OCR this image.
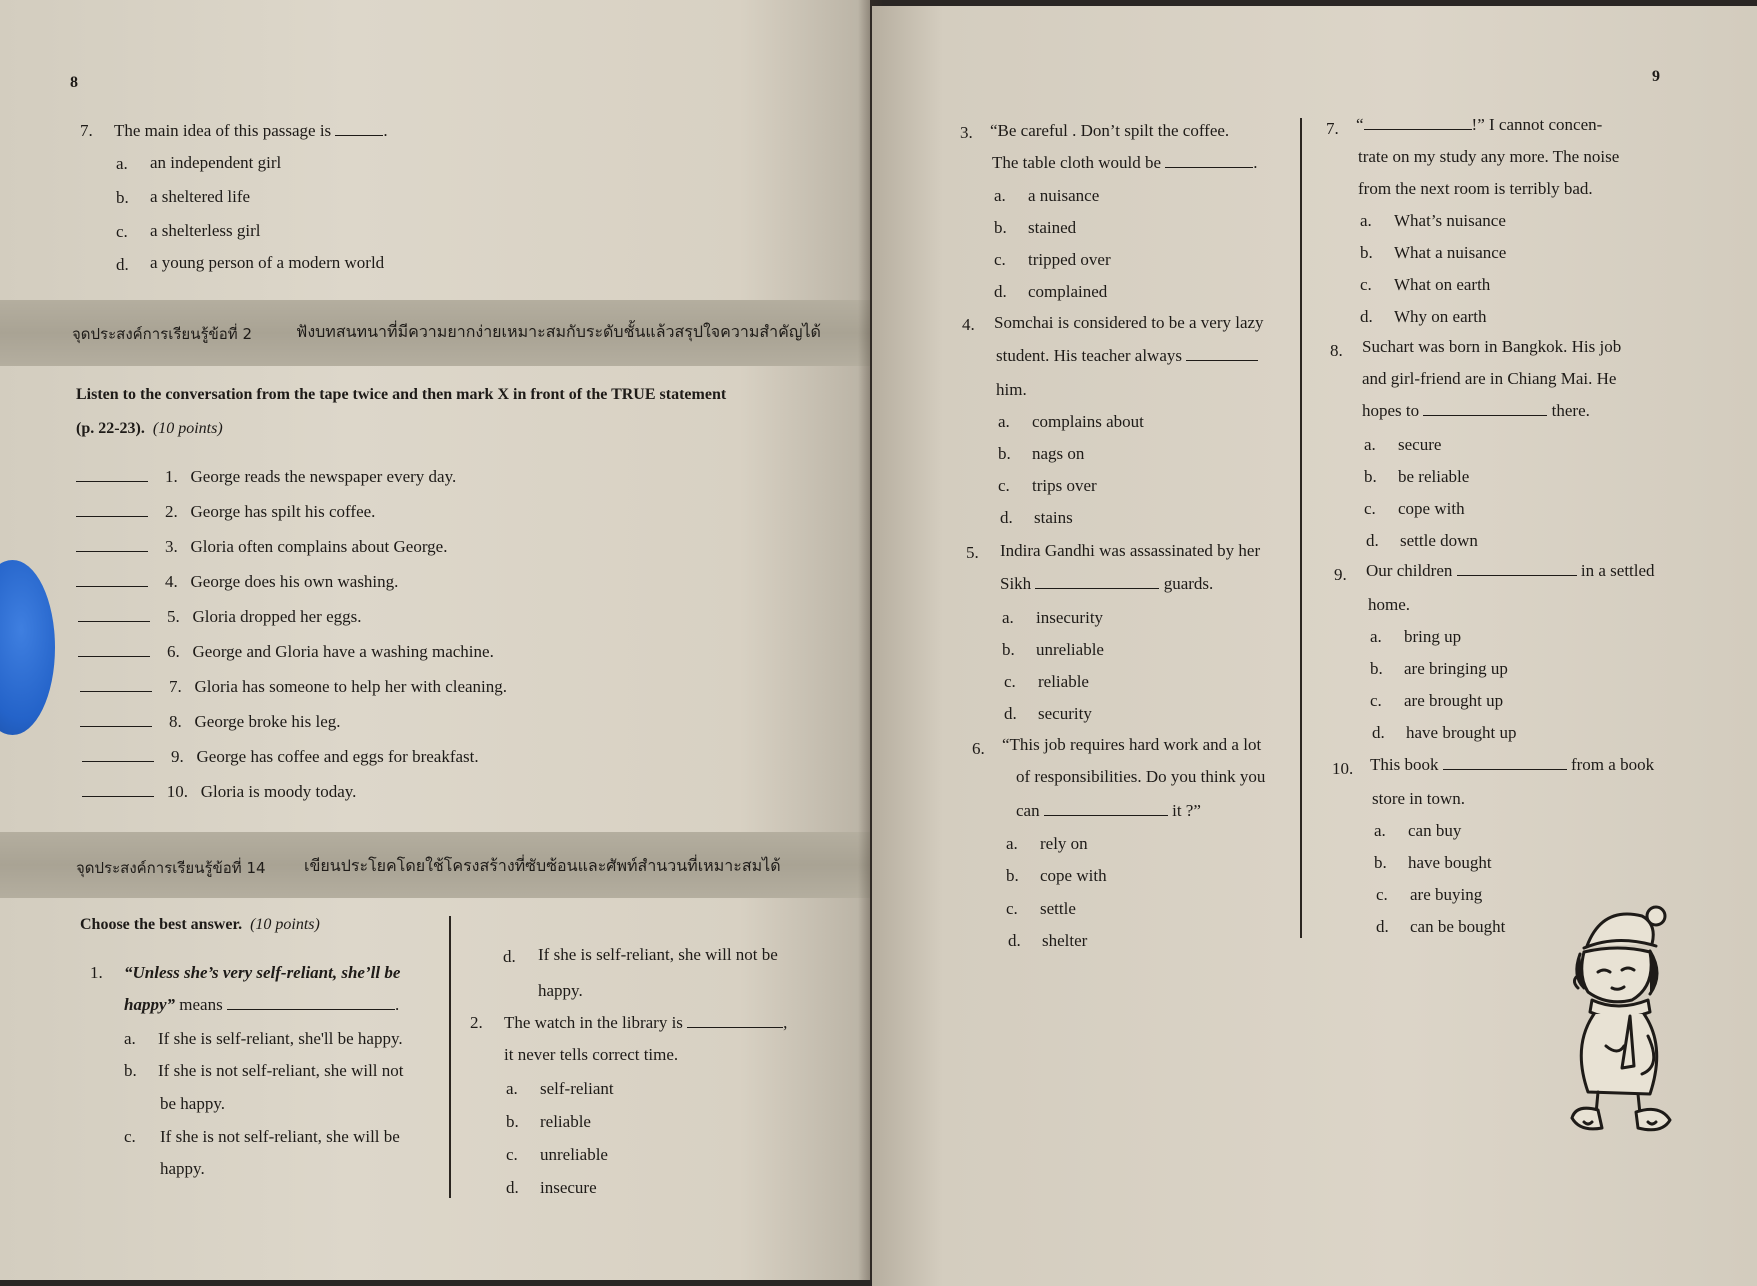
8
7. The main idea of this passage is	.
a. an independent girl
b. a sheltered life
c. a shelterless girl
d. a young person of a modern world
จุดประสงค์การเรียนรู้ข้อที่ 2	ฟังบทสนทนาที่มีความยากง่ายเหมาะสมกับระดับชั้นแล้วสรุปใจความสำคัญได้
Listen to the conversation from the tape twice and then mark X in front of the TRUE statement
(p. 22-23). (10 points)
1. George reads the newspaper every day.
2. George has spilt his coffee.
3. Gloria often complains about George.
4. George does his own washing.
5. Gloria dropped her eggs.
6. George and Gloria have a washing machine.
7. Gloria has someone to help her with cleaning.
8. George broke his leg.
9. George has coffee and eggs for breakfast.
10. Gloria is moody today.
จุดประสงค์การเรียนรู้ข้อที่ 14 เขียนประโยคโดยใช้โครงสร้างที่ซับซ้อนและศัพท์สำนวนที่เหมาะสมได้
Choose the best answer. (10 points)
1. “Unless she’s very self-reliant, she’ll be
happy” means	.
a. If she is self-reliant, she'll be happy.
b. If she is not self-reliant, she will not
be happy.
c. If she is not self-reliant, she will be
happy.
d. If she is self-reliant, she will not be
happy.
2. The watch in the library is	,
it never tells correct time.
a. self-reliant
b. reliable
c. unreliable
d. insecure
9
3. “Be careful . Don’t spilt the coffee.
The table cloth would be	.
a. a nuisance
b. stained
c. tripped over
d. complained
4. Somchai is considered to be a very lazy
student. His teacher always
him.
a. complains about
b. nags on
c. trips over
d. stains
5. Indira Gandhi was assassinated by her
Sikh	guards.
a. insecurity
b. unreliable
c. reliable
d. security
6. “This job requires hard work and a lot
of responsibilities. Do you think you
can	it ?”
a. rely on
b. cope with
c. settle
d. shelter
7. “	!” I cannot concen-
trate on my study any more. The noise
from the next room is terribly bad.
a. What’s nuisance
b. What a nuisance
c. What on earth
d. Why on earth
8. Suchart was born in Bangkok. His job
and girl-friend are in Chiang Mai. He
hopes to	there.
a. secure
b. be reliable
c. cope with
d. settle down
9. Our children	in a settled
home.
a. bring up
b. are bringing up
c. are brought up
d. have brought up
10. This book	from a book
store in town.
a. can buy
b. have bought
c. are buying
d. can be bought
